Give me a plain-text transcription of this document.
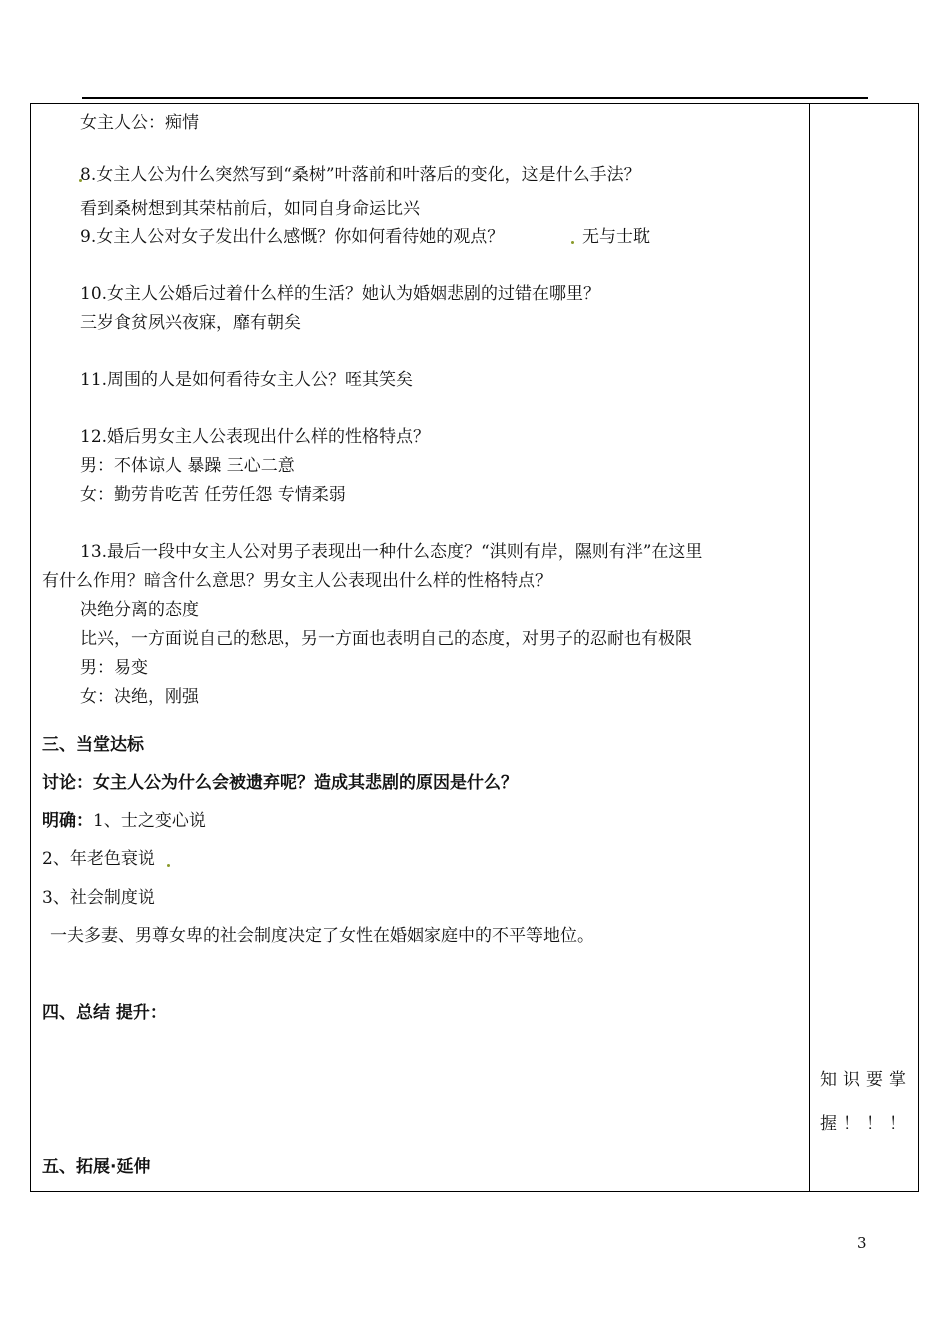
女主人公：痴情
8.女主人公为什么突然写到“桑树”叶落前和叶落后的变化，这是什么手法？
看到桑树想到其荣枯前后，如同自身命运比兴
9.女主人公对女子发出什么感慨？你如何看待她的观点？	无与士耽
10.女主人公婚后过着什么样的生活？她认为婚姻悲剧的过错在哪里？
三岁食贫夙兴夜寐，靡有朝矣
11.周围的人是如何看待女主人公？咥其笑矣
12.婚后男女主人公表现出什么样的性格特点？
男：不体谅人 暴躁 三心二意
女：勤劳肯吃苦 任劳任怨 专情柔弱
13.最后一段中女主人公对男子表现出一种什么态度？“淇则有岸，隰则有泮”在这里
有什么作用？暗含什么意思？男女主人公表现出什么样的性格特点？
决绝分离的态度
比兴，一方面说自己的愁思，另一方面也表明自己的态度，对男子的忍耐也有极限
男：易变
女：决绝，刚强
三、当堂达标
讨论：女主人公为什么会被遗弃呢？造成其悲剧的原因是什么？
明确：1、士之变心说
2、年老色衰说
3、社会制度说
一夫多妻、男尊女卑的社会制度决定了女性在婚姻家庭中的不平等地位。
四、总结 提升：
五、拓展·延伸
知识要掌
握！！！
3
